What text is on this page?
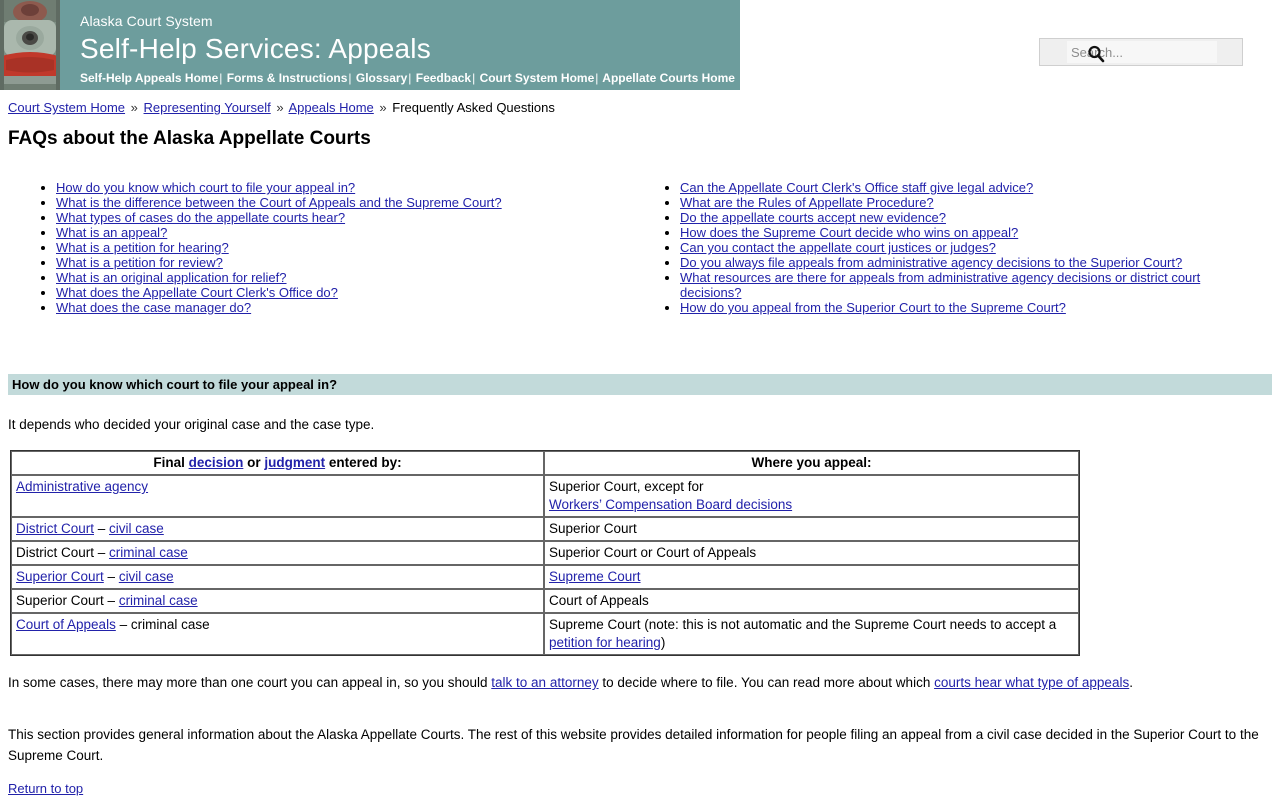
Alaska Court System
Self-Help Services: Appeals
Self-Help Appeals Home| Forms & Instructions| Glossary| Feedback| Court System Home| Appellate Courts Home
Search...
Court System Home » Representing Yourself » Appeals Home » Frequently Asked Questions
FAQs about the Alaska Appellate Courts
• How do you know which court to file your appeal in?
• What is the difference between the Court of Appeals and the Supreme Court?
• What types of cases do the appellate courts hear?
• What is an appeal?
• What is a petition for hearing?
• What is a petition for review?
• What is an original application for relief?
• What does the Appellate Court Clerk's Office do?
• What does the case manager do?
• Can the Appellate Court Clerk's Office staff give legal advice?
• What are the Rules of Appellate Procedure?
• Do the appellate courts accept new evidence?
• How does the Supreme Court decide who wins on appeal?
• Can you contact the appellate court justices or judges?
• Do you always file appeals from administrative agency decisions to the Superior Court?
• What resources are there for appeals from administrative agency decisions or district court decisions?
• How do you appeal from the Superior Court to the Supreme Court?
How do you know which court to file your appeal in?
It depends who decided your original case and the case type.
Final decision or judgment entered by:	Where you appeal:
Administrative agency	Superior Court, except for
Workers’ Compensation Board decisions
District Court – civil case	Superior Court
District Court – criminal case	Superior Court or Court of Appeals
Superior Court – civil case	Supreme Court
Superior Court – criminal case	Court of Appeals
Court of Appeals – criminal case	Supreme Court (note: this is not automatic and the Supreme Court needs to accept a petition for hearing)
In some cases, there may more than one court you can appeal in, so you should talk to an attorney to decide where to file. You can read more about which courts hear what type of appeals.
This section provides general information about the Alaska Appellate Courts. The rest of this website provides detailed information for people filing an appeal from a civil case decided in the Superior Court to the Supreme Court.
Return to top
